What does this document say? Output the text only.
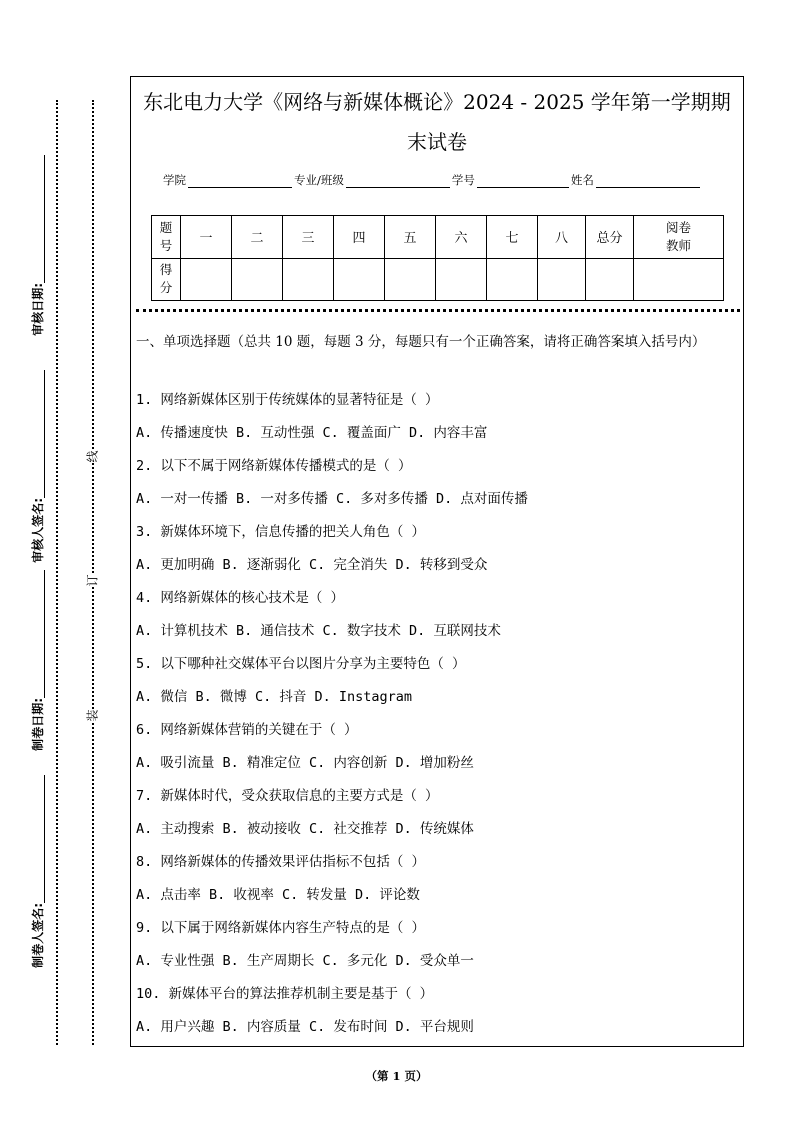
审核日期:
审核人签名:
制卷日期:
制卷人签名:
线
订
装
东北电力大学《网络与新媒体概论》2024 - 2025 学年第一学期期
末试卷
学院	专业/班级	学号	姓名
题
号	一	二	三	四	五	六	七	八	总分	阅卷
教师
得
分										
一、单项选择题（总共 10 题，每题 3 分，每题只有一个正确答案，请将正确答案填入括号内）
1. 网络新媒体区别于传统媒体的显著特征是（ ）
A. 传播速度快 B. 互动性强 C. 覆盖面广 D. 内容丰富
2. 以下不属于网络新媒体传播模式的是（ ）
A. 一对一传播 B. 一对多传播 C. 多对多传播 D. 点对面传播
3. 新媒体环境下，信息传播的把关人角色（ ）
A. 更加明确 B. 逐渐弱化 C. 完全消失 D. 转移到受众
4. 网络新媒体的核心技术是（ ）
A. 计算机技术 B. 通信技术 C. 数字技术 D. 互联网技术
5. 以下哪种社交媒体平台以图片分享为主要特色（ ）
A. 微信 B. 微博 C. 抖音 D. Instagram
6. 网络新媒体营销的关键在于（ ）
A. 吸引流量 B. 精准定位 C. 内容创新 D. 增加粉丝
7. 新媒体时代，受众获取信息的主要方式是（ ）
A. 主动搜索 B. 被动接收 C. 社交推荐 D. 传统媒体
8. 网络新媒体的传播效果评估指标不包括（ ）
A. 点击率 B. 收视率 C. 转发量 D. 评论数
9. 以下属于网络新媒体内容生产特点的是（ ）
A. 专业性强 B. 生产周期长 C. 多元化 D. 受众单一
10. 新媒体平台的算法推荐机制主要是基于（ ）
A. 用户兴趣 B. 内容质量 C. 发布时间 D. 平台规则
（第 1 页）
